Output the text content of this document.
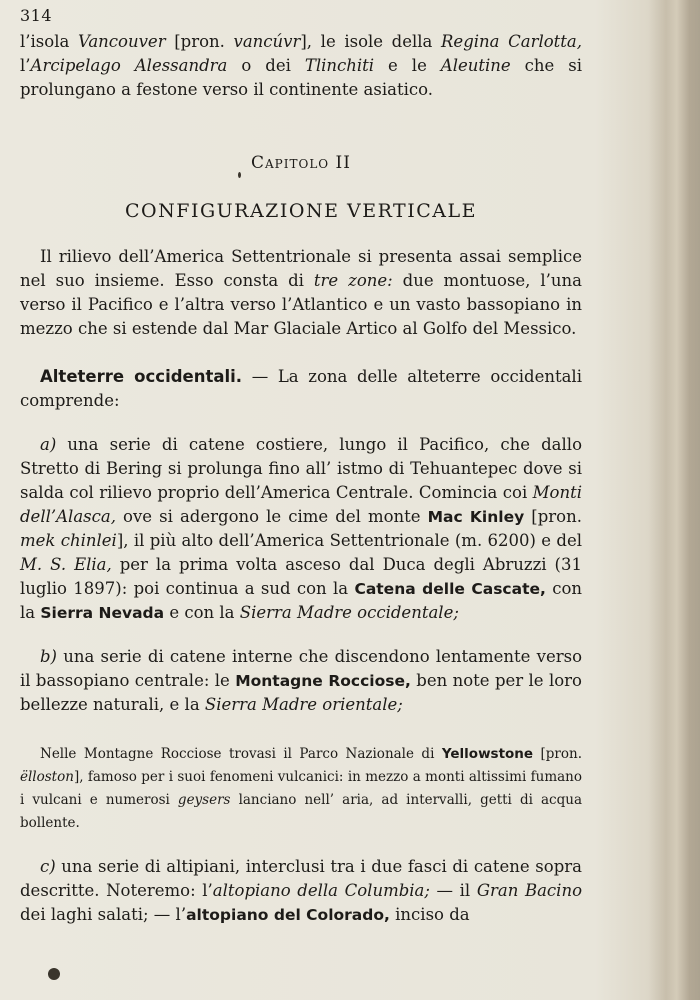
314

l’isola Vancouver [pron. vancúvr], le isole della Regina Carlotta, l’Arcipelago Alessandra o dei Tlinchiti e le Aleutine che si prolungano a festone verso il continente asiatico.

Capitolo II

CONFIGURAZIONE VERTICALE

Il rilievo dell’America Settentrionale si presenta assai semplice nel suo insieme. Esso consta di tre zone: due montuose, l’una verso il Pacifico e l’altra verso l’Atlantico e un vasto bassopiano in mezzo che si estende dal Mar Glaciale Artico al Golfo del Messico.

Alteterre occidentali. — La zona delle alteterre occidentali comprende:

a) una serie di catene costiere, lungo il Pacifico, che dallo Stretto di Bering si prolunga fino all’ istmo di Tehuantepec dove si salda col rilievo proprio dell’America Centrale. Comincia coi Monti dell’Alasca, ove si adergono le cime del monte Mac Kinley [pron. mek chinlei], il più alto dell’America Settentrionale (m. 6200) e del M. S. Elia, per la prima volta asceso dal Duca degli Abruzzi (31 luglio 1897): poi continua a sud con la Catena delle Cascate, con la Sierra Nevada e con la Sierra Madre occidentale;

b) una serie di catene interne che discendono lentamente verso il bassopiano centrale: le Montagne Rocciose, ben note per le loro bellezze naturali, e la Sierra Madre orientale;

Nelle Montagne Rocciose trovasi il Parco Nazionale di Yellowstone [pron. ëlloston], famoso per i suoi fenomeni vulcanici: in mezzo a monti altissimi fumano i vulcani e numerosi geysers lanciano nell’ aria, ad intervalli, getti di acqua bollente.

c) una serie di altipiani, interclusi tra i due fasci di catene sopra descritte. Noteremo: l’altopiano della Columbia; — il Gran Bacino dei laghi salati; — l’altopiano del Colorado, inciso da
